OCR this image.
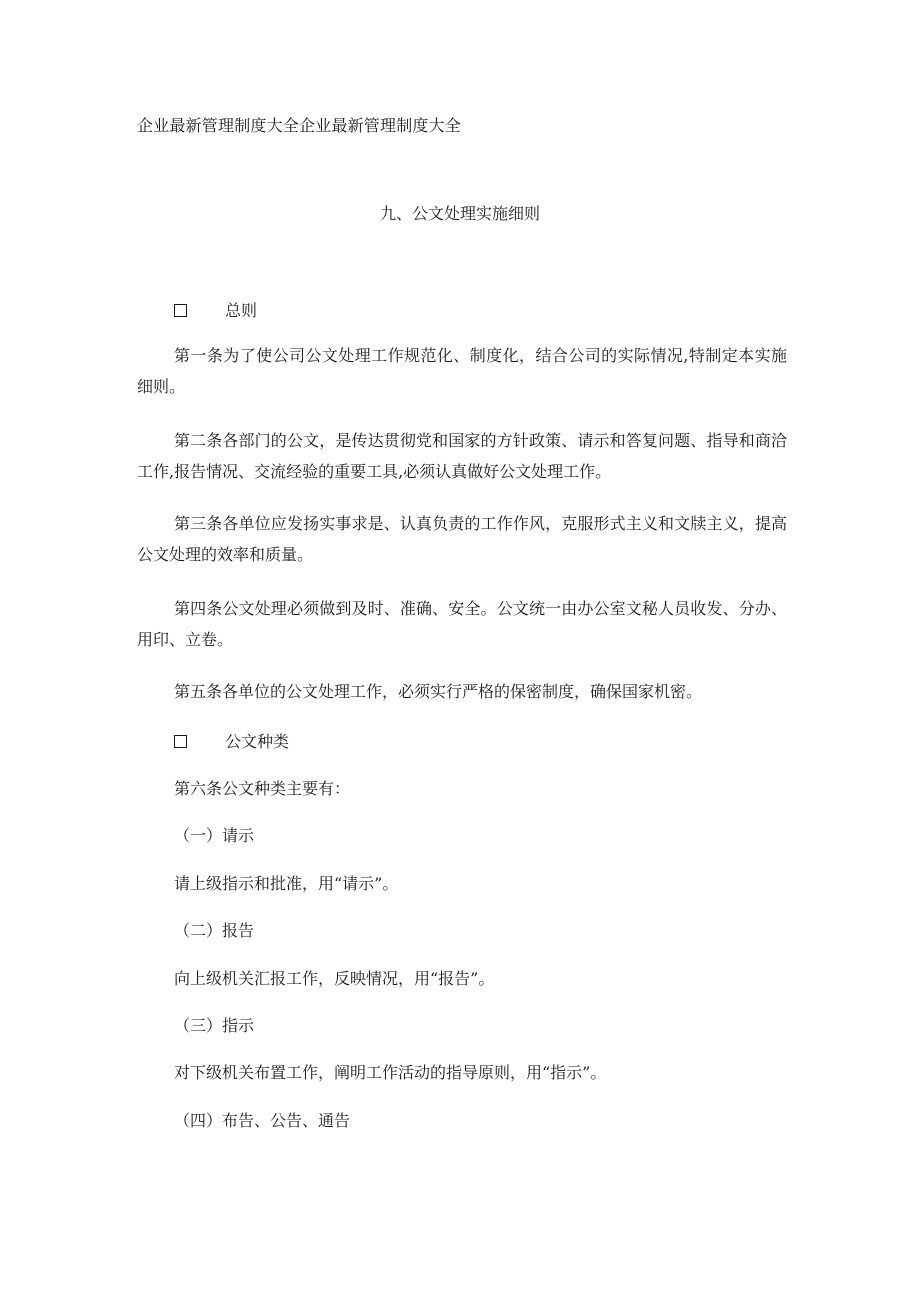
企业最新管理制度大全企业最新管理制度大全
九、公文处理实施细则
总则
第一条为了使公司公文处理工作规范化、制度化，结合公司的实际情况,特制定本实施细则。
第二条各部门的公文，是传达贯彻党和国家的方针政策、请示和答复问题、指导和商洽工作,报告情况、交流经验的重要工具,必须认真做好公文处理工作。
第三条各单位应发扬实事求是、认真负责的工作作风，克服形式主义和文牍主义，提高公文处理的效率和质量。
第四条公文处理必须做到及时、准确、安全。公文统一由办公室文秘人员收发、分办、用印、立卷。
第五条各单位的公文处理工作，必须实行严格的保密制度，确保国家机密。
公文种类
第六条公文种类主要有：
（一）请示
请上级指示和批准，用“请示”。
（二）报告
向上级机关汇报工作，反映情况，用“报告”。
（三）指示
对下级机关布置工作，阐明工作活动的指导原则，用“指示”。
（四）布告、公告、通告
